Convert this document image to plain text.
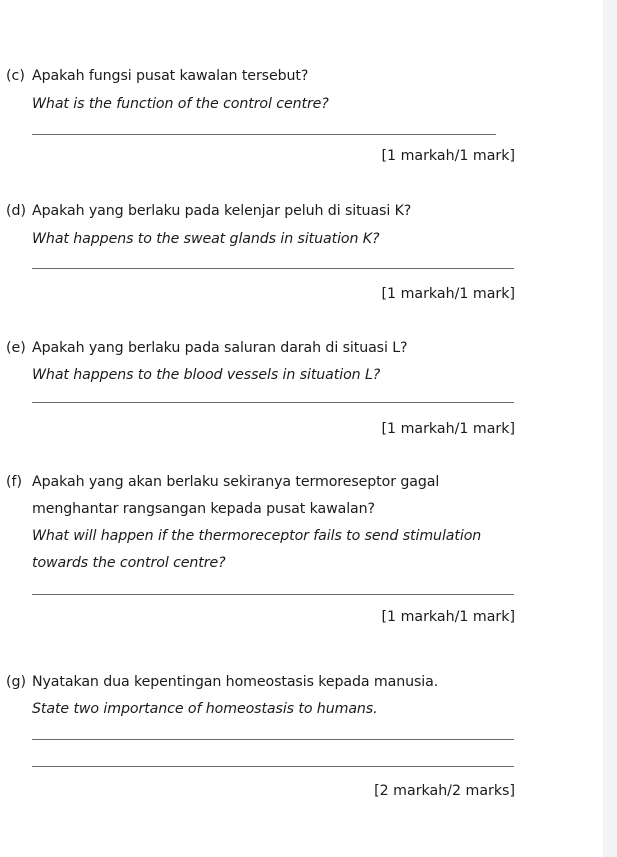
(c) Apakah fungsi pusat kawalan tersebut?
What is the function of the control centre?
[1 markah/1 mark]
(d) Apakah yang berlaku pada kelenjar peluh di situasi K?
What happens to the sweat glands in situation K?
[1 markah/1 mark]
(e) Apakah yang berlaku pada saluran darah di situasi L?
What happens to the blood vessels in situation L?
[1 markah/1 mark]
(f) Apakah yang akan berlaku sekiranya termoreseptor gagal
menghantar rangsangan kepada pusat kawalan?
What will happen if the thermoreceptor fails to send stimulation
towards the control centre?
[1 markah/1 mark]
(g) Nyatakan dua kepentingan homeostasis kepada manusia.
State two importance of homeostasis to humans.
[2 markah/2 marks]
